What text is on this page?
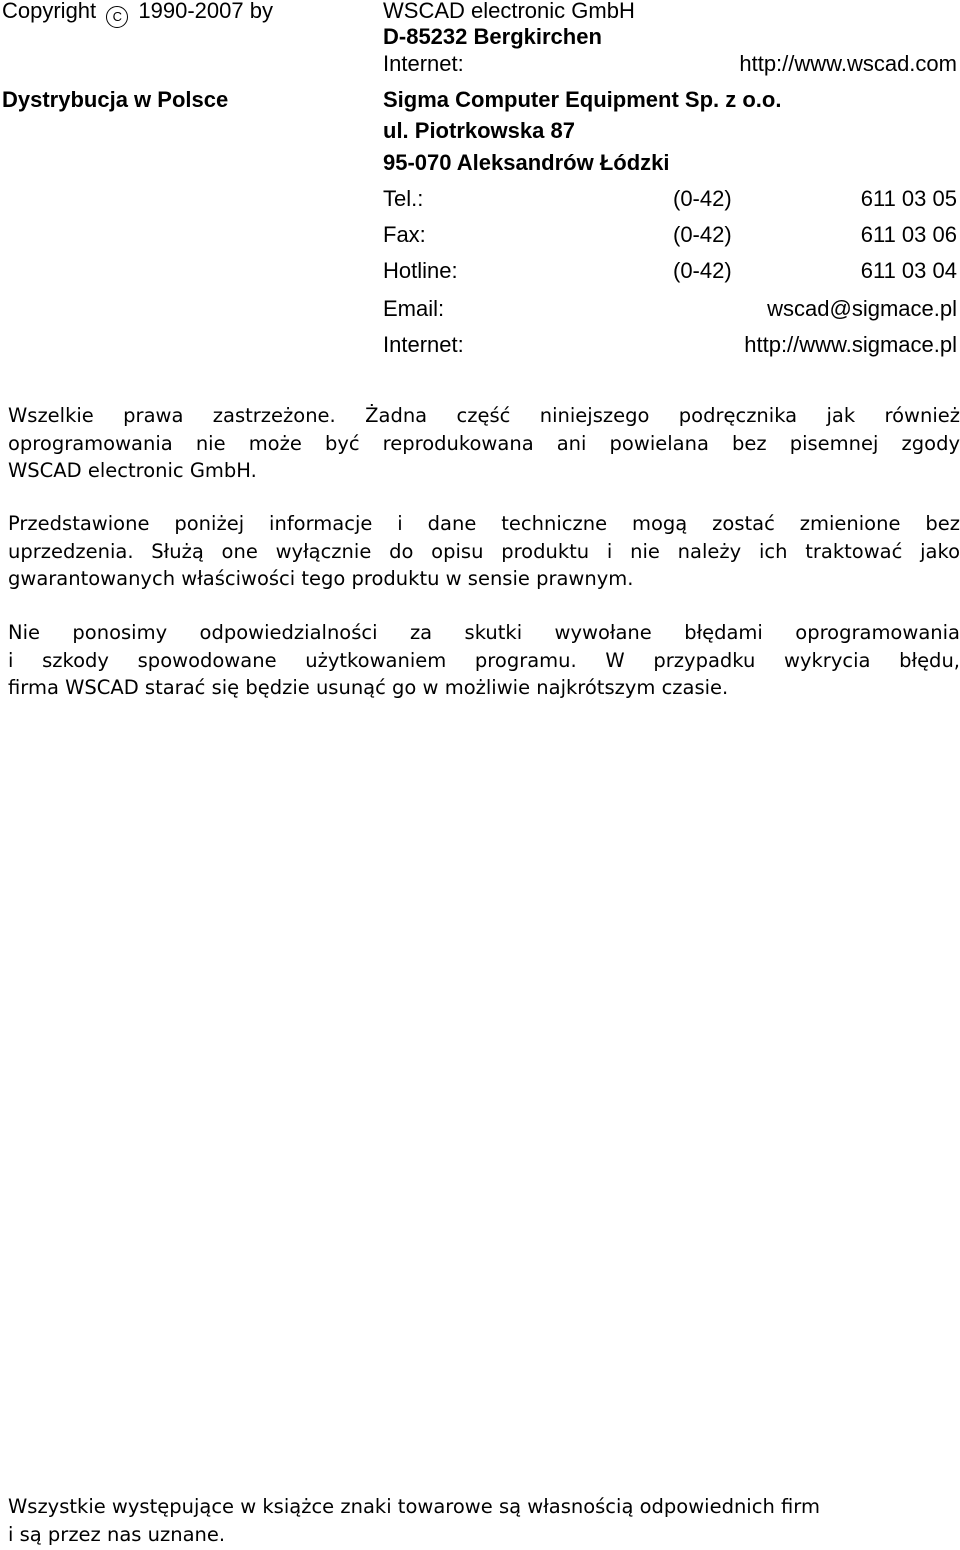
Copyright C 1990-2007 by	WSCAD electronic GmbH
D-85232 Bergkirchen
Internet:	http://www.wscad.com
Dystrybucja w Polsce	Sigma Computer Equipment Sp. z o.o.
ul. Piotrkowska 87
95-070 Aleksandrów Łódzki
Tel.:	(0-42)	611 03 05
Fax:	(0-42)	611 03 06
Hotline:	(0-42)	611 03 04
Email:	wscad@sigmace.pl
Internet:	http://www.sigmace.pl
Wszelkie prawa zastrzeżone. Żadna część niniejszego podręcznika jak również
oprogramowania nie może być reprodukowana ani powielana bez pisemnej zgody
WSCAD electronic GmbH.
Przedstawione poniżej informacje i dane techniczne mogą zostać zmienione bez
uprzedzenia. Służą one wyłącznie do opisu produktu i nie należy ich traktować jako
gwarantowanych właściwości tego produktu w sensie prawnym.
Nie ponosimy odpowiedzialności za skutki wywołane błędami oprogramowania
i szkody spowodowane użytkowaniem programu. W przypadku wykrycia błędu,
firma WSCAD starać się będzie usunąć go w możliwie najkrótszym czasie.
Wszystkie występujące w książce znaki towarowe są własnością odpowiednich firm
i są przez nas uznane.
